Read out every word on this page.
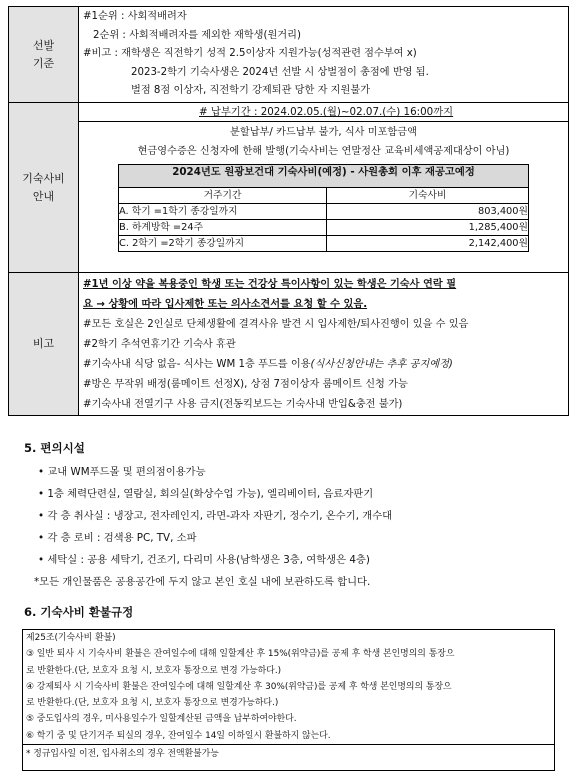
선발
기준

#1순위 : 사회적배려자
2순위 : 사회적배려자를 제외한 재학생(원거리)
#비고 : 재학생은 직전학기 성적 2.5이상자 지원가능(성적관련 점수부여 x)
2023-2학기 기숙사생은 2024년 선발 시 상벌점이 총점에 반영 됨.
벌점 8점 이상자, 직전학기 강제퇴관 당한 자 지원불가

기숙사비
안내

# 납부기간 : 2024.02.05.(월)~02.07.(수) 16:00까지
분할납부/ 카드납부 불가, 식사 미포함금액
현금영수증은 신청자에 한해 발행(기숙사비는 연말정산 교육비세액공제대상이 아님)
2024년도 원광보건대 기숙사비(예정) - 사원총회 이후 재공고예정
거주기간	기숙사비
A. 학기 =1학기 종강일까지	803,400원
B. 하계방학 =24주	1,285,400원
C. 2학기 =2학기 종강일까지	2,142,400원

비고	
#1년 이상 약을 복용중인 학생 또는 건강상 특이사항이 있는 학생은 기숙사 연락 필
요 → 상황에 따라 입사제한 또는 의사소견서를 요청 할 수 있음.
#모든 호실은 2인실로 단체생활에 결격사유 발견 시 입사제한/퇴사진행이 있을 수 있음
#2학기 추석연휴기간 기숙사 휴관
#기숙사내 식당 없음- 식사는 WM 1층 푸드를 이용(식사신청안내는 추후 공지예정)
#방은 무작위 배정(룸메이트 선정X), 상점 7점이상자 룸메이트 신청 가능
#기숙사내 전열기구 사용 금지(전동킥보드는 기숙사내 반입&충전 불가)
5. 편의시설
• 교내 WM푸드몰 및 편의점이용가능
• 1층 체력단련실, 열람실, 회의실(화상수업 가능), 엘리베이터, 음료자판기
• 각 층 취사실 : 냉장고, 전자레인지, 라면-과자 자판기, 정수기, 온수기, 개수대
• 각 층 로비 : 검색용 PC, TV, 소파
• 세탁실 : 공용 세탁기, 건조기, 다리미 사용(남학생은 3층, 여학생은 4층)
*모든 개인물품은 공용공간에 두지 않고 본인 호실 내에 보관하도록 합니다.
6. 기숙사비 환불규정
제25조(기숙사비 환불)
③ 일반 퇴사 시 기숙사비 환불은 잔여일수에 대해 일할계산 후 15%(위약금)를 공제 후 학생 본인명의의 통장으
로 반환한다.(단, 보호자 요청 시, 보호자 통장으로 변경 가능하다.)
④ 강제퇴사 시 기숙사비 환불은 잔여일수에 대해 일할계산 후 30%(위약금)를 공제 후 학생 본인명의의 통장으
로 반환한다.(단, 보호자 요청 시, 보호자 통장으로 변경가능하다.)
⑤ 중도입사의 경우, 미사용일수가 일할계산된 금액을 납부하여야한다.
⑥ 학기 중 및 단기거주 퇴실의 경우, 잔여일수 14일 이하일시 환불하지 않는다.
* 정규입사일 이전, 입사취소의 경우 전액환불가능
